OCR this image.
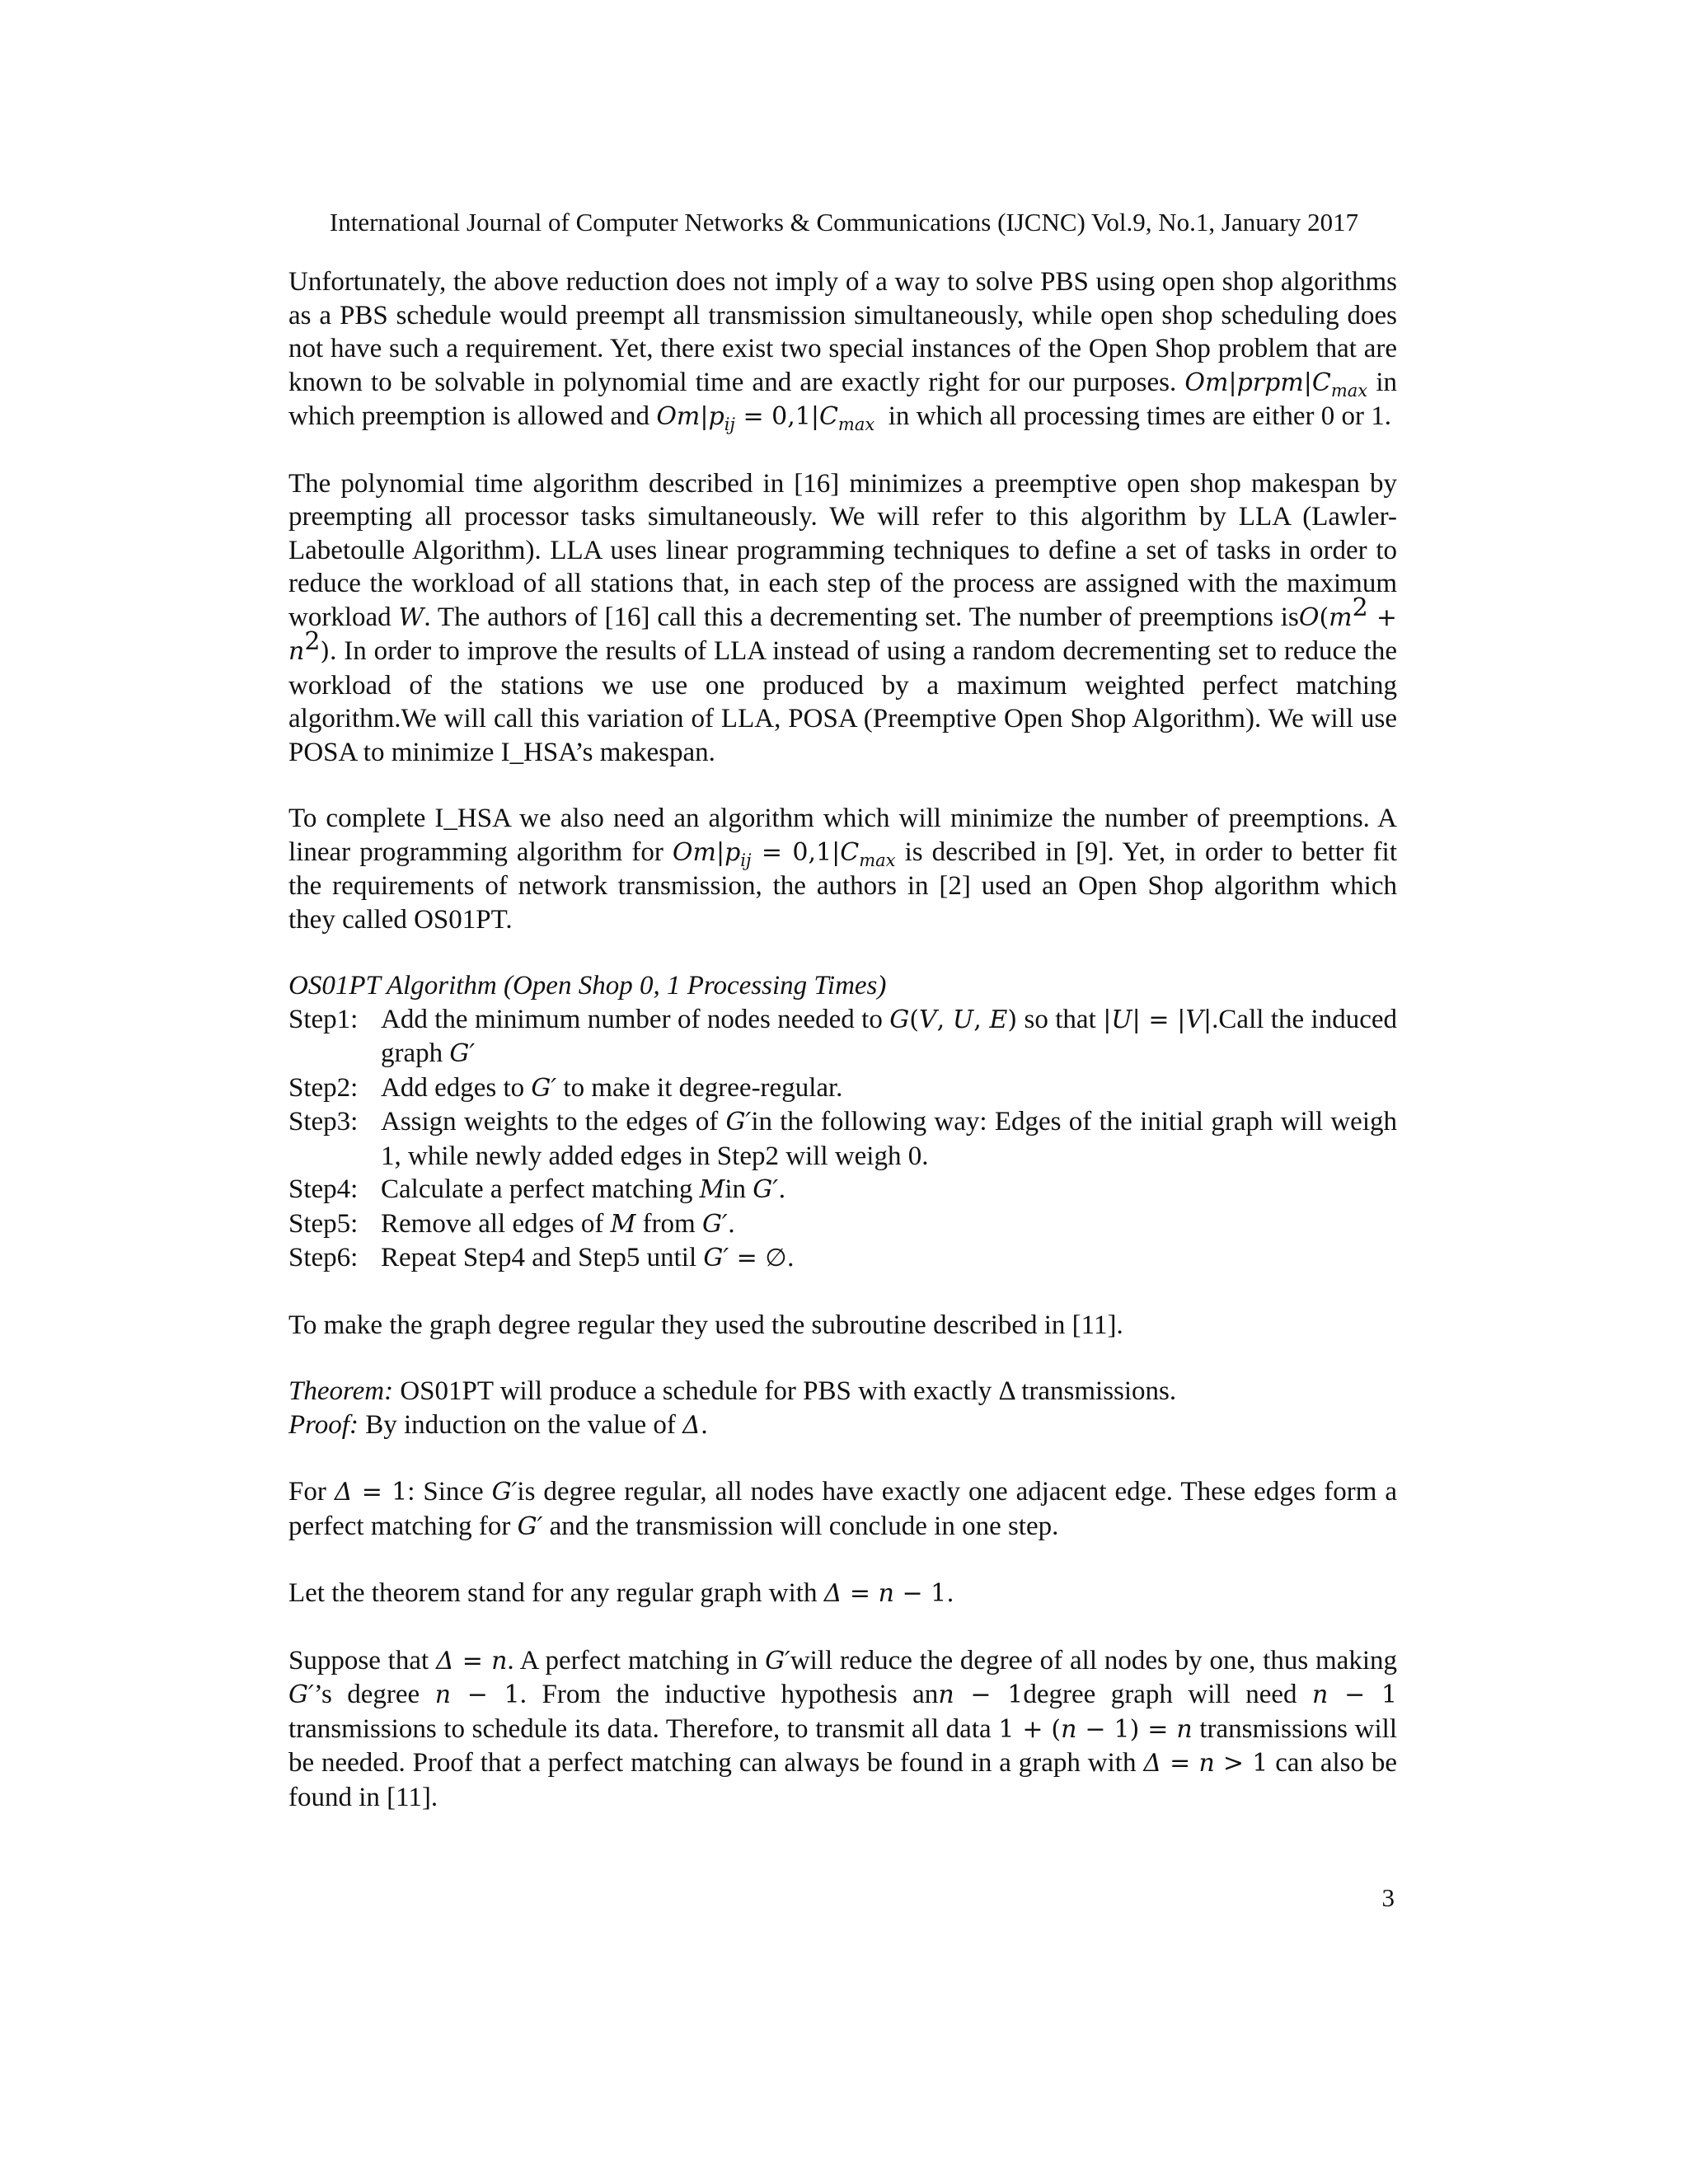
International Journal of Computer Networks & Communications (IJCNC) Vol.9, No.1, January 2017

Unfortunately, the above reduction does not imply of a way to solve PBS using open shop algorithms as a PBS schedule would preempt all transmission simultaneously, while open shop scheduling does not have such a requirement. Yet, there exist two special instances of the Open Shop problem that are known to be solvable in polynomial time and are exactly right for our purposes. $Om|prpm|C_{max}$ in which preemption is allowed and $Om|p_{ij} = 0,1|C_{max}$ in which all processing times are either 0 or 1.

The polynomial time algorithm described in [16] minimizes a preemptive open shop makespan by preempting all processor tasks simultaneously. We will refer to this algorithm by LLA (Lawler-Labetoulle Algorithm). LLA uses linear programming techniques to define a set of tasks in order to reduce the workload of all stations that, in each step of the process are assigned with the maximum workload W. The authors of [16] call this a decrementing set. The number of preemptions $isO(m^2 + n^2)$. In order to improve the results of LLA instead of using a random decrementing set to reduce the workload of the stations we use one produced by a maximum weighted perfect matching algorithm.We will call this variation of LLA, POSA (Preemptive Open Shop Algorithm). We will use POSA to minimize I_HSA’s makespan.

To complete I_HSA we also need an algorithm which will minimize the number of preemptions. A linear programming algorithm for $Om|p_{ij} = 0,1|C_{max}$ is described in [9]. Yet, in order to better fit the requirements of network transmission, the authors in [2] used an Open Shop algorithm which they called OS01PT.

OS01PT Algorithm (Open Shop 0, 1 Processing Times)
Step1: Add the minimum number of nodes needed to G(V, U, E) so that |U| = |V|.Call the induced graph G′
Step2: Add edges to G′ to make it degree-regular.
Step3: Assign weights to the edges of G′in the following way: Edges of the initial graph will weigh 1, while newly added edges in Step2 will weigh 0.
Step4: Calculate a perfect matching Min G′.
Step5: Remove all edges of M from G′.
Step6: Repeat Step4 and Step5 until G′ = ∅.

To make the graph degree regular they used the subroutine described in [11].

Theorem: OS01PT will produce a schedule for PBS with exactly Δ transmissions.

Proof: By induction on the value of Δ.

For Δ = 1: Since G′is degree regular, all nodes have exactly one adjacent edge. These edges form a perfect matching for G′ and the transmission will conclude in one step.

Let the theorem stand for any regular graph with Δ = n − 1.

Suppose that Δ = n. A perfect matching in G′will reduce the degree of all nodes by one, thus making G′’s degree n − 1. From the inductive hypothesis ann − 1degree graph will need n − 1 transmissions to schedule its data. Therefore, to transmit all data 1 + (n − 1) = n transmissions will be needed. Proof that a perfect matching can always be found in a graph with Δ = n > 1 can also be found in [11].

3
